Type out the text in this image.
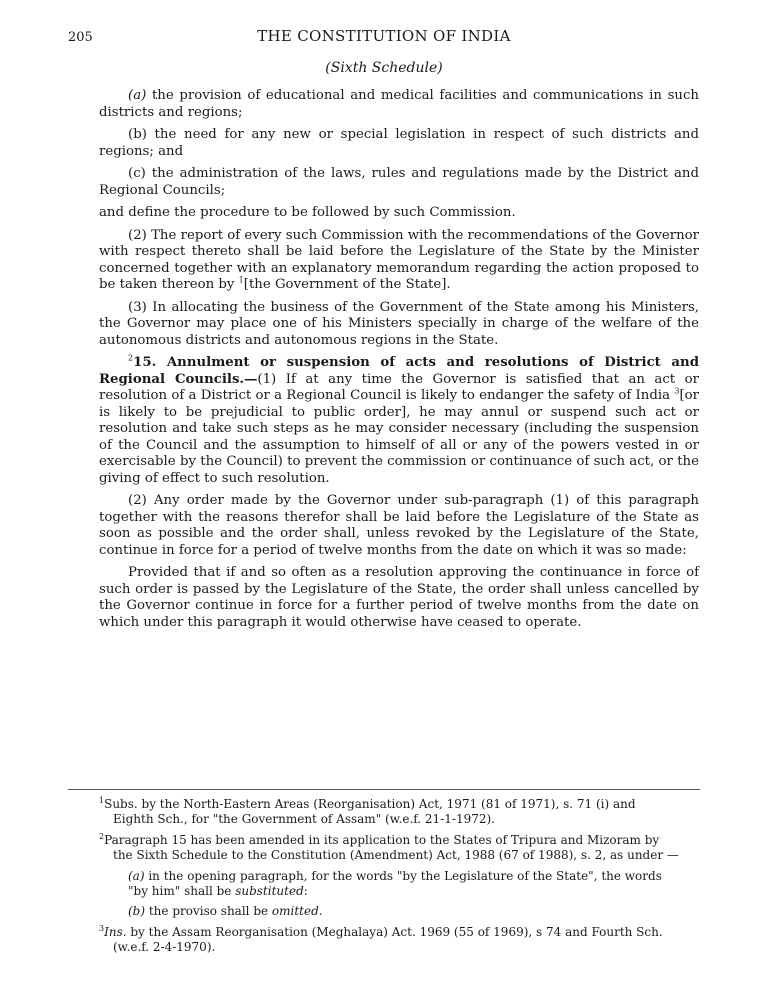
205	THE CONSTITUTION OF INDIA
(Sixth Schedule)

(a) the provision of educational and medical facilities and communications in such districts and regions;

(b) the need for any new or special legislation in respect of such districts and regions; and

(c) the administration of the laws, rules and regulations made by the District and Regional Councils;

and define the procedure to be followed by such Commission.

(2) The report of every such Commission with the recommendations of the Governor with respect thereto shall be laid before the Legislature of the State by the Minister concerned together with an explanatory memorandum regarding the action proposed to be taken thereon by $^1$[the Government of the State].

(3) In allocating the business of the Government of the State among his Ministers, the Governor may place one of his Ministers specially in charge of the welfare of the autonomous districts and autonomous regions in the State.

$^2$15. Annulment or suspension of acts and resolutions of District and Regional Councils.—(1) If at any time the Governor is satisfied that an act or resolution of a District or a Regional Council is likely to endanger the safety of India $^3$[or is likely to be prejudicial to public order], he may annul or suspend such act or resolution and take such steps as he may consider necessary (including the suspension of the Council and the assumption to himself of all or any of the powers vested in or exercisable by the Council) to prevent the commission or continuance of such act, or the giving of effect to such resolution.

(2) Any order made by the Governor under sub-paragraph (1) of this paragraph together with the reasons therefor shall be laid before the Legislature of the State as soon as possible and the order shall, unless revoked by the Legislature of the State, continue in force for a period of twelve months from the date on which it was so made:

Provided that if and so often as a resolution approving the continuance in force of such order is passed by the Legislature of the State, the order shall unless cancelled by the Governor continue in force for a further period of twelve months from the date on which under this paragraph it would otherwise have ceased to operate.

$^1$Subs. by the North-Eastern Areas (Reorganisation) Act, 1971 (81 of 1971), s. 71 (i) and
Eighth Sch., for "the Government of Assam" (w.e.f. 21-1-1972).
$^2$Paragraph 15 has been amended in its application to the States of Tripura and Mizoram by
the Sixth Schedule to the Constitution (Amendment) Act, 1988 (67 of 1988), s. 2, as under —
(a) in the opening paragraph, for the words "by the Legislature of the State", the words
"by him" shall be substituted:
(b) the proviso shall be omitted.
$^3$Ins. by the Assam Reorganisation (Meghalaya) Act. 1969 (55 of 1969), s 74 and Fourth Sch.
(w.e.f. 2-4-1970).
